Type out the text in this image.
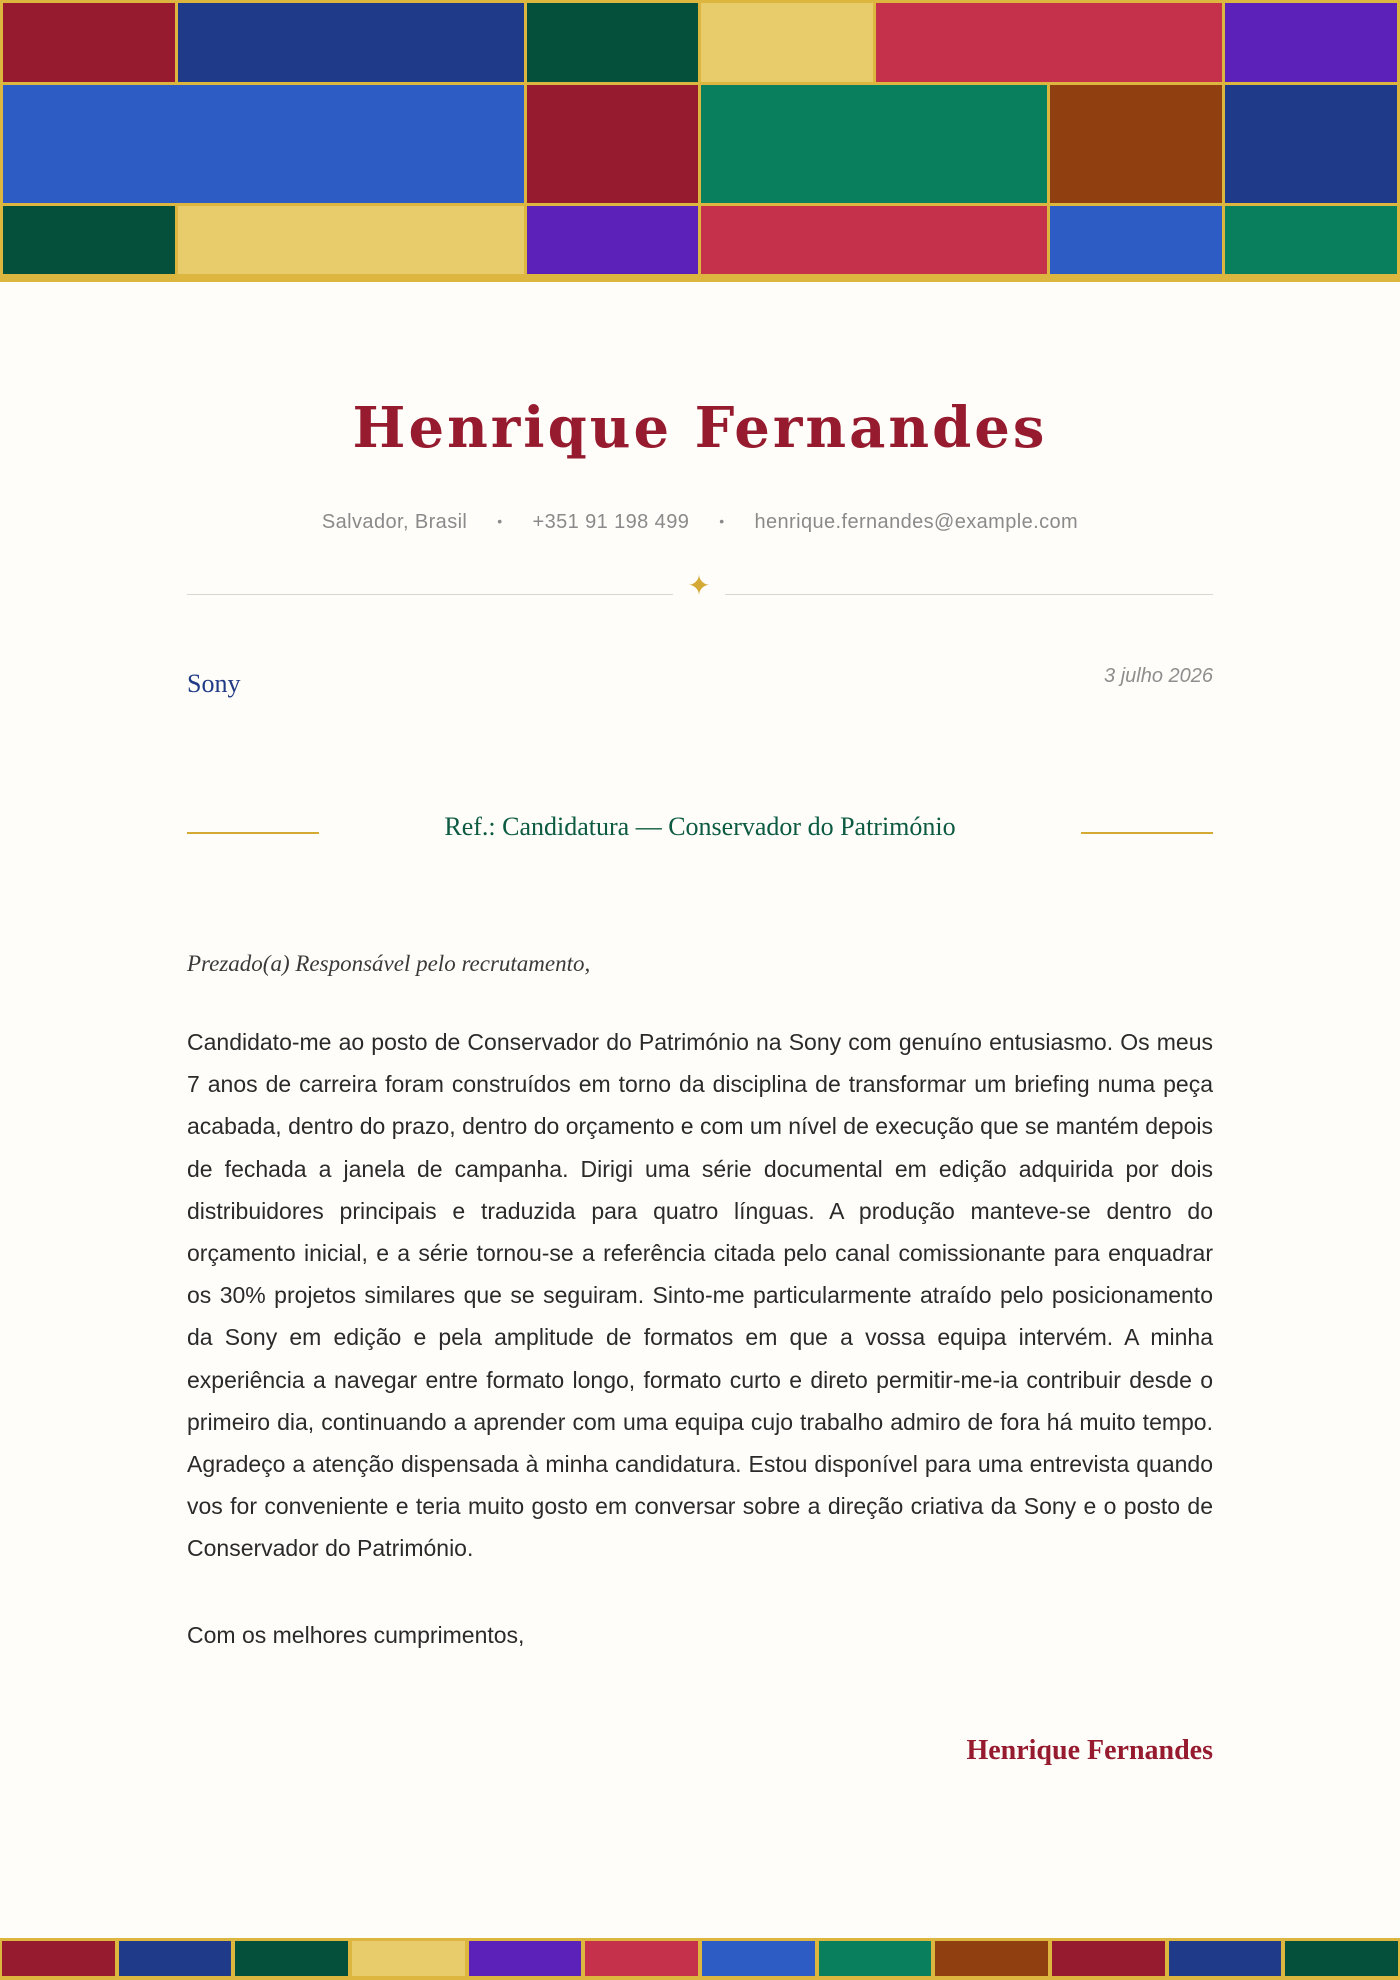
Henrique Fernandes
Salvador, Brasil • +351 91 198 499 • henrique.fernandes@example.com
✦
Sony	3 julho 2026
Ref.: Candidatura — Conservador do Património
Prezado(a) Responsável pelo recrutamento,

Candidato-me ao posto de Conservador do Património na Sony com genuíno entusiasmo. Os meus 7 anos de carreira foram construídos em torno da disciplina de transformar um briefing numa peça acabada, dentro do prazo, dentro do orçamento e com um nível de execução que se mantém depois de fechada a janela de campanha. Dirigi uma série documental em edição adquirida por dois distribuidores principais e traduzida para quatro línguas. A produção manteve-se dentro do orçamento inicial, e a série tornou-se a referência citada pelo canal comissionante para enquadrar os 30% projetos similares que se seguiram. Sinto-me particularmente atraído pelo posicionamento da Sony em edição e pela amplitude de formatos em que a vossa equipa intervém. A minha experiência a navegar entre formato longo, formato curto e direto permitir-me-ia contribuir desde o primeiro dia, continuando a aprender com uma equipa cujo trabalho admiro de fora há muito tempo. Agradeço a atenção dispensada à minha candidatura. Estou disponível para uma entrevista quando vos for conveniente e teria muito gosto em conversar sobre a direção criativa da Sony e o posto de Conservador do Património.

Com os melhores cumprimentos,
Henrique Fernandes
